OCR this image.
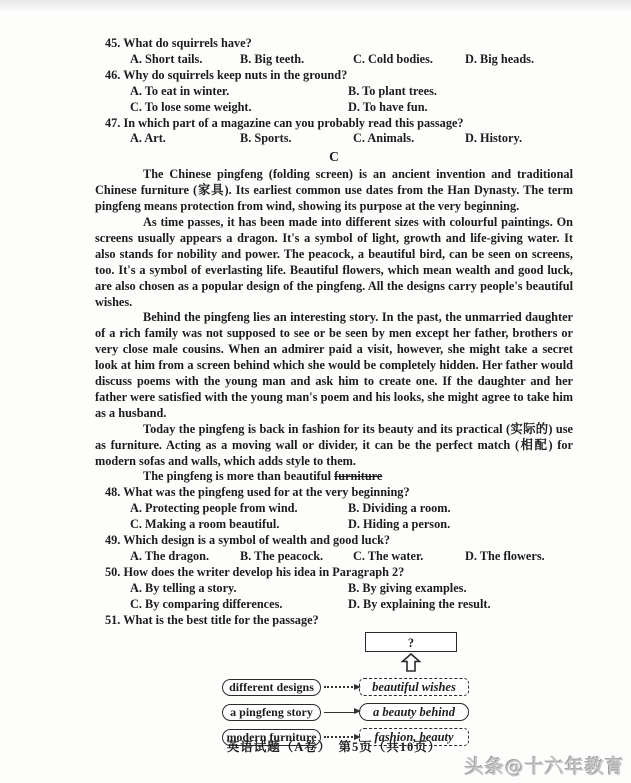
45. What do squirrels have?
A. Short tails.	B. Big teeth.	C. Cold bodies.	D. Big heads.
46. Why do squirrels keep nuts in the ground?
A. To eat in winter.	B. To plant trees.
C. To lose some weight.	D. To have fun.
47. In which part of a magazine can you probably read this passage?
A. Art.	B. Sports.	C. Animals.	D. History.
C

The Chinese pingfeng (folding screen) is an ancient invention and traditional Chinese furniture (家具). Its earliest common use dates from the Han Dynasty. The term pingfeng means protection from wind, showing its purpose at the very beginning.

As time passes, it has been made into different sizes with colourful paintings. On screens usually appears a dragon. It's a symbol of light, growth and life-giving water. It also stands for nobility and power. The peacock, a beautiful bird, can be seen on screens, too. It's a symbol of everlasting life. Beautiful flowers, which mean wealth and good luck, are also chosen as a popular design of the pingfeng. All the designs carry people's beautiful wishes.

Behind the pingfeng lies an interesting story. In the past, the unmarried daughter of a rich family was not supposed to see or be seen by men except her father, brothers or very close male cousins. When an admirer paid a visit, however, she might take a secret look at him from a screen behind which she would be completely hidden. Her father would discuss poems with the young man and ask him to create one. If the daughter and her father were satisfied with the young man's poem and his looks, she might agree to take him as a husband.

Today the pingfeng is back in fashion for its beauty and its practical (实际的) use as furniture. Acting as a moving wall or divider, it can be the perfect match (相配) for modern sofas and walls, which adds style to them.

The pingfeng is more than beautiful furniture

48. What was the pingfeng used for at the very beginning?
A. Protecting people from wind.	B. Dividing a room.
C. Making a room beautiful.	D. Hiding a person.
49. Which design is a symbol of wealth and good luck?
A. The dragon.	B. The peacock.	C. The water.	D. The flowers.
50. How does the writer develop his idea in Paragraph 2?
A. By telling a story.	B. By giving examples.
C. By comparing differences.	D. By explaining the result.
51. What is the best title for the passage?
?
different designs	beautiful wishes
a pingfeng story	a beauty behind
modern furniture	fashion, beauty
英语试题（A卷）　第5页（共10页）
头条@十六年教育
